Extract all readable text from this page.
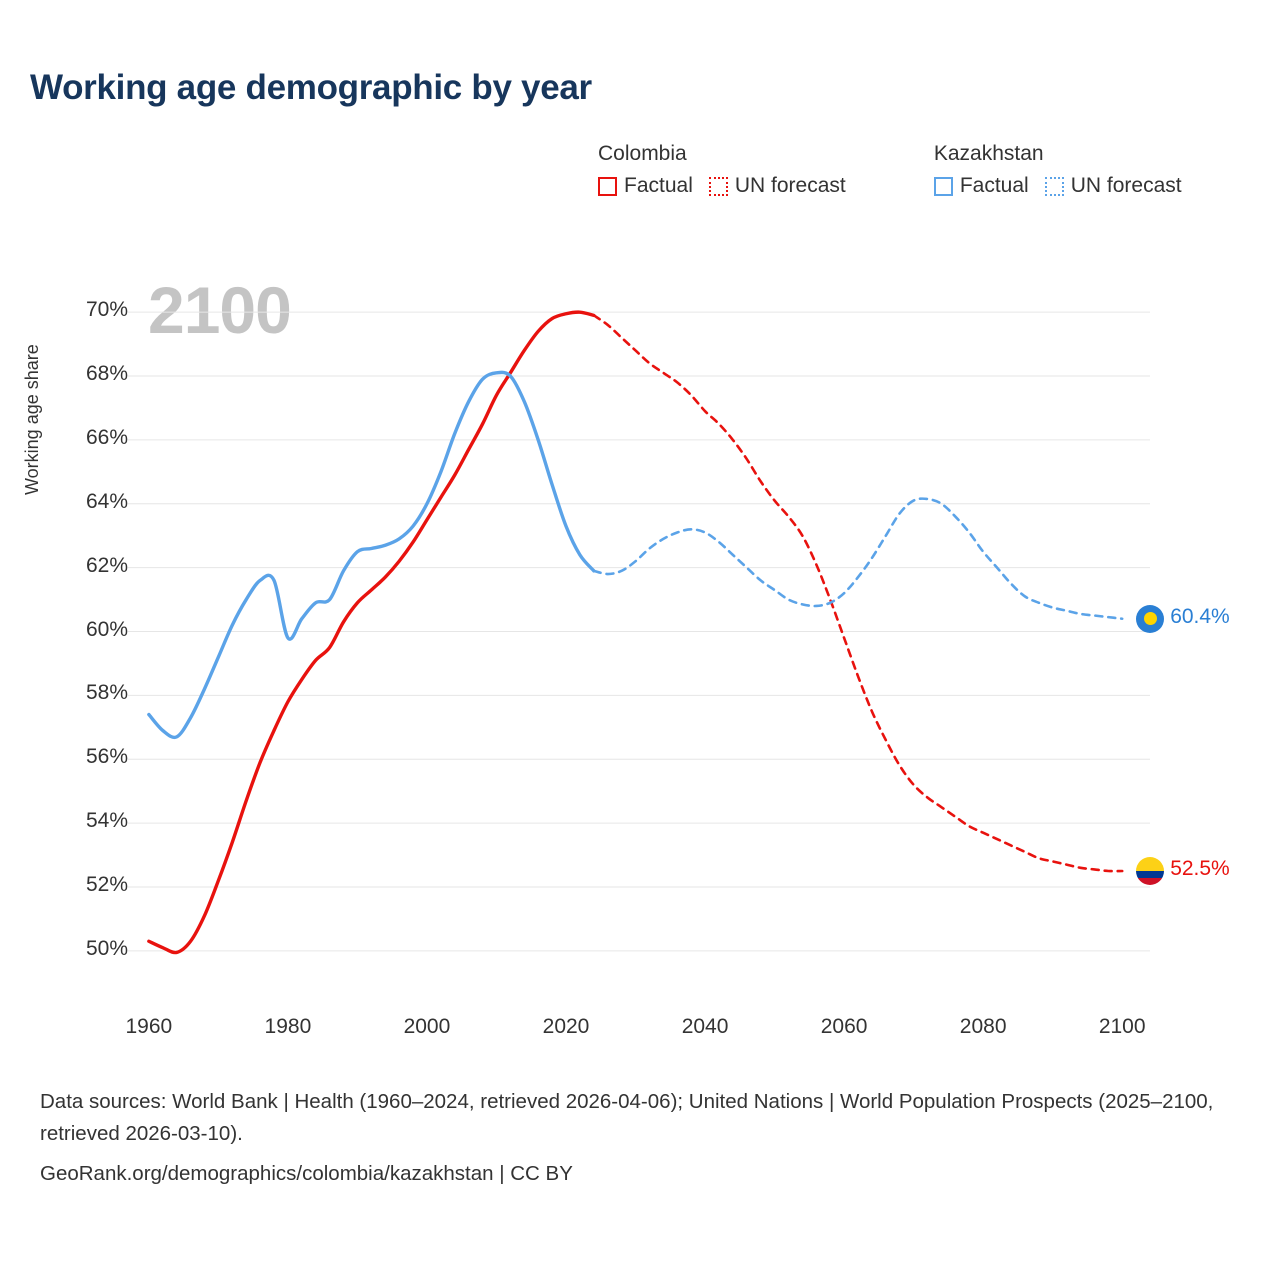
Working age demographic by year
Colombia
Factual UN forecast

Kazakhstan
Factual UN forecast
2100
Working age share
50%
52%
54%
56%
58%
60%
62%
64%
66%
68%
70%
1960	1980	2000	2020	2040	2060	2080	2100
60.4%
52.5%
Data sources: World Bank | Health (1960–2024, retrieved 2026-04-06); United Nations | World Population Prospects (2025–2100, retrieved 2026-03-10).
GeoRank.org/demographics/colombia/kazakhstan | CC BY
